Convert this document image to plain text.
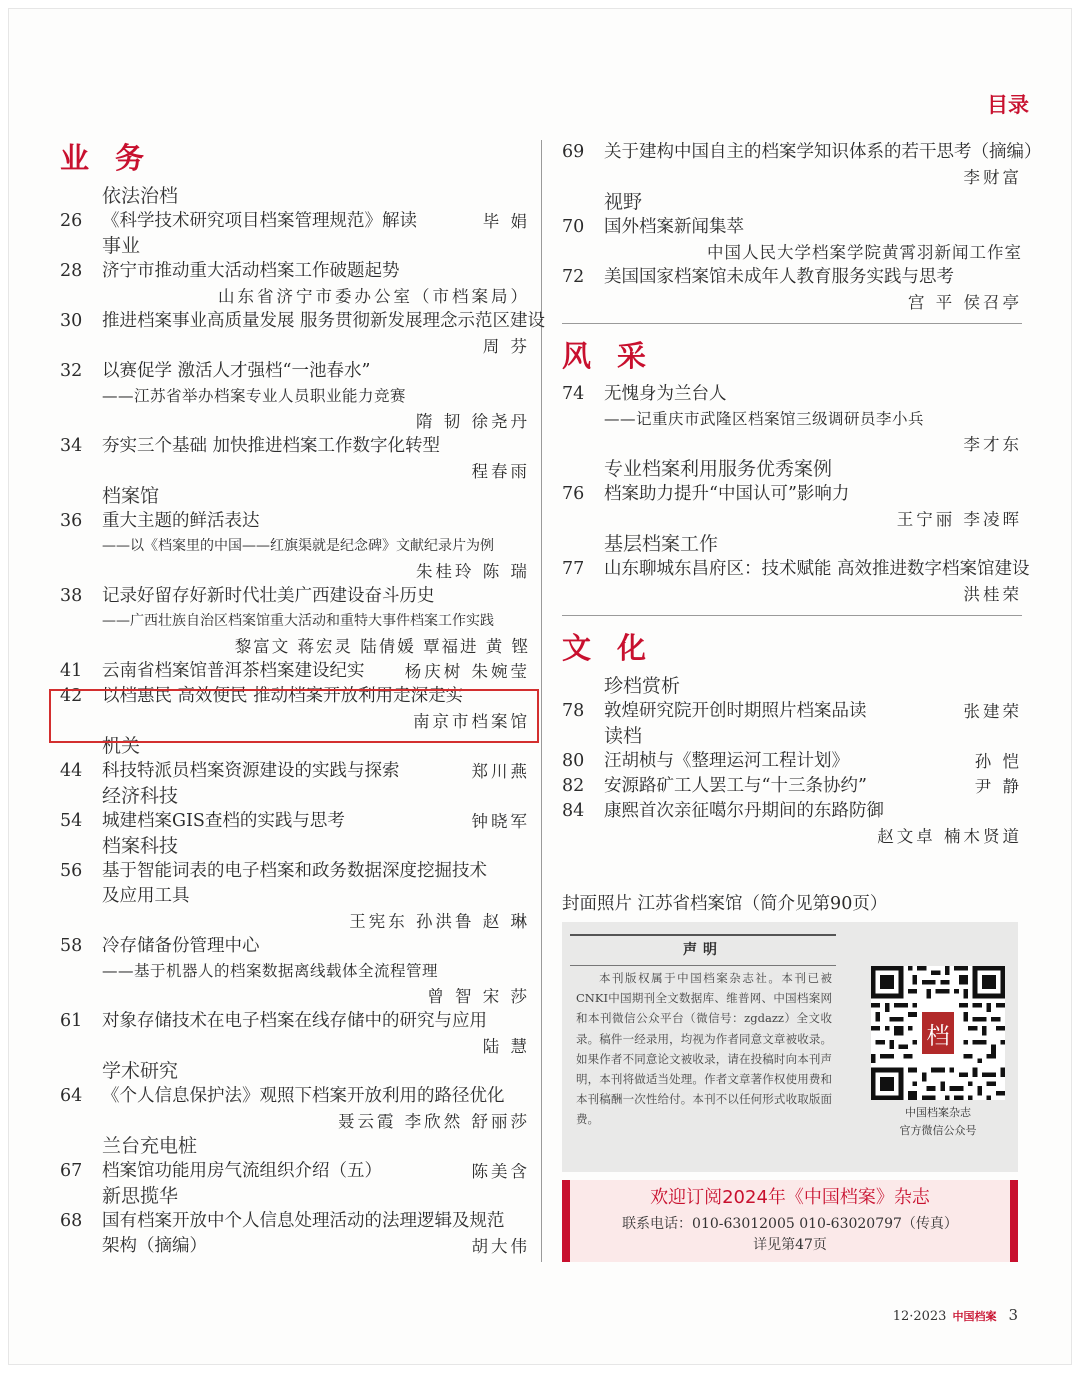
目录
业务
依法治档
26	《科学技术研究项目档案管理规范》解读	毕 娟
事业
28	济宁市推动重大活动档案工作破题起势
山东省济宁市委办公室（市档案局）
30	推进档案事业高质量发展 服务贯彻新发展理念示范区建设
周 芬
32	以赛促学 激活人才强档“一池春水”
——江苏省举办档案专业人员职业能力竞赛
隋 韧 徐尧丹
34	夯实三个基础 加快推进档案工作数字化转型
程春雨
档案馆
36	重大主题的鲜活表达
——以《档案里的中国——红旗渠就是纪念碑》文献纪录片为例
朱桂玲 陈 瑞
38	记录好留存好新时代壮美广西建设奋斗历史
——广西壮族自治区档案馆重大活动和重特大事件档案工作实践
黎富文 蒋宏灵 陆倩媛 覃福进 黄 铿
41	云南省档案馆普洱茶档案建设纪实 杨庆树 朱婉莹
42	以档惠民 高效便民 推动档案开放利用走深走实
南京市档案馆
机关
44	科技特派员档案资源建设的实践与探索	郑川燕
经济科技
54	城建档案GIS查档的实践与思考	钟晓军
档案科技
56	基于智能词表的电子档案和政务数据深度挖掘技术
及应用工具
王宪东 孙洪鲁 赵 琳
58	冷存储备份管理中心
——基于机器人的档案数据离线载体全流程管理
曾 智 宋 莎
61	对象存储技术在电子档案在线存储中的研究与应用
陆 慧
学术研究
64	《个人信息保护法》观照下档案开放利用的路径优化
聂云霞 李欣然 舒丽莎
兰台充电桩
67	档案馆功能用房气流组织介绍（五）	陈美含
新思揽华
68	国有档案开放中个人信息处理活动的法理逻辑及规范
架构（摘编）	胡大伟
69	关于建构中国自主的档案学知识体系的若干思考（摘编）
李财富
视野
70	国外档案新闻集萃
中国人民大学档案学院黄霄羽新闻工作室
72	美国国家档案馆未成年人教育服务实践与思考
宫 平 侯召亭
风采
74	无愧身为兰台人
——记重庆市武隆区档案馆三级调研员李小兵
李才东
专业档案利用服务优秀案例
76	档案助力提升“中国认可”影响力
王宁丽 李凌晖
基层档案工作
77	山东聊城东昌府区：技术赋能 高效推进数字档案馆建设
洪桂荣
文化
珍档赏析
78	敦煌研究院开创时期照片档案品读	张建荣
读档
80	汪胡桢与《整理运河工程计划》	孙 恺
82	安源路矿工人罢工与“十三条协约”	尹 静
84	康熙首次亲征噶尔丹期间的东路防御
赵文卓 楠木贤道
封面照片 江苏省档案馆（简介见第90页）
声明
本刊版权属于中国档案杂志社。本刊已被CNKI中国期刊全文数据库、维普网、中国档案网和本刊微信公众平台（微信号：zgdazz）全文收录。稿件一经录用，均视为作者同意文章被收录。如果作者不同意论文被收录，请在投稿时向本刊声明，本刊将做适当处理。作者文章著作权使用费和本刊稿酬一次性给付。本刊不以任何形式收取版面费。
档
中国档案杂志
官方微信公众号
欢迎订阅2024年《中国档案》杂志
联系电话：010-63012005 010-63020797（传真）
详见第47页
12·2023 中国档案 3
